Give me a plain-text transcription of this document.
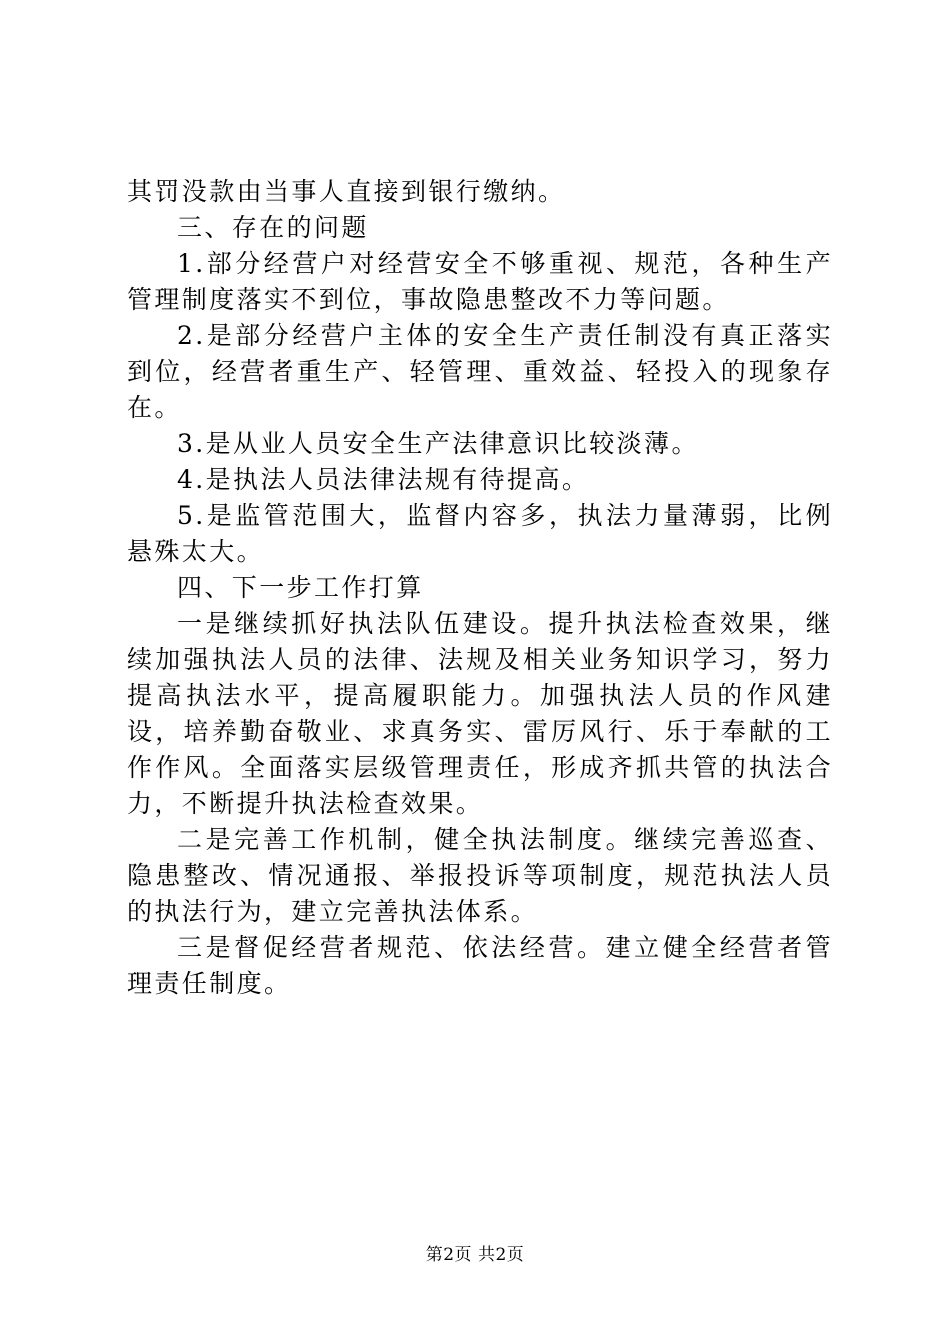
其罚没款由当事人直接到银行缴纳。

三、存在的问题

1.部分经营户对经营安全不够重视、规范，各种生产管理制度落实不到位，事故隐患整改不力等问题。

2.是部分经营户主体的安全生产责任制没有真正落实到位，经营者重生产、轻管理、重效益、轻投入的现象存在。

3.是从业人员安全生产法律意识比较淡薄。

4.是执法人员法律法规有待提高。

5.是监管范围大，监督内容多，执法力量薄弱，比例悬殊太大。

四、下一步工作打算

一是继续抓好执法队伍建设。提升执法检查效果，继续加强执法人员的法律、法规及相关业务知识学习，努力提高执法水平，提高履职能力。加强执法人员的作风建设，培养勤奋敬业、求真务实、雷厉风行、乐于奉献的工作作风。全面落实层级管理责任，形成齐抓共管的执法合力，不断提升执法检查效果。

二是完善工作机制，健全执法制度。继续完善巡查、隐患整改、情况通报、举报投诉等项制度，规范执法人员的执法行为，建立完善执法体系。

三是督促经营者规范、依法经营。建立健全经营者管理责任制度。

第2页 共2页
